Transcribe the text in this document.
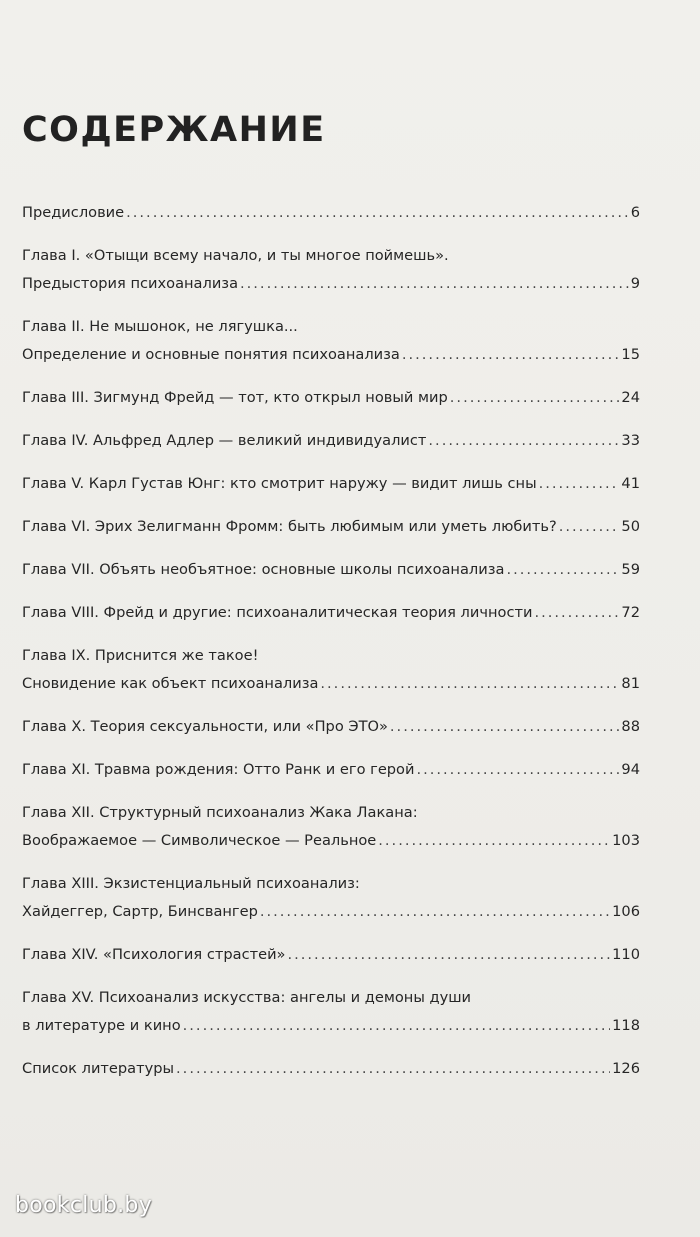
СОДЕРЖАНИЕ
Предисловие .....	6
Глава I. «Отыщи всему начало, и ты многое поймешь».
Предыстория психоанализа .....	9
Глава II. Не мышонок, не лягушка...
Определение и основные понятия психоанализа .....	15
Глава III. Зигмунд Фрейд — тот, кто открыл новый мир .....	24
Глава IV. Альфред Адлер — великий индивидуалист .....	33
Глава V. Карл Густав Юнг: кто смотрит наружу — видит лишь сны .....	41
Глава VI. Эрих Зелигманн Фромм: быть любимым или уметь любить? .....	50
Глава VII. Объять необъятное: основные школы психоанализа .....	59
Глава VIII. Фрейд и другие: психоаналитическая теория личности .....	72
Глава IX. Приснится же такое!
Сновидение как объект психоанализа .....	81
Глава X. Теория сексуальности, или «Про ЭТО» .....	88
Глава XI. Травма рождения: Отто Ранк и его герой .....	94
Глава XII. Структурный психоанализ Жака Лакана:
Воображаемое — Символическое — Реальное .....	103
Глава XIII. Экзистенциальный психоанализ:
Хайдеггер, Сартр, Бинсвангер .....	106
Глава XIV. «Психология страстей» .....	110
Глава XV. Психоанализ искусства: ангелы и демоны души
в литературе и кино .....	118
Список литературы .....	126
bookclub.by
